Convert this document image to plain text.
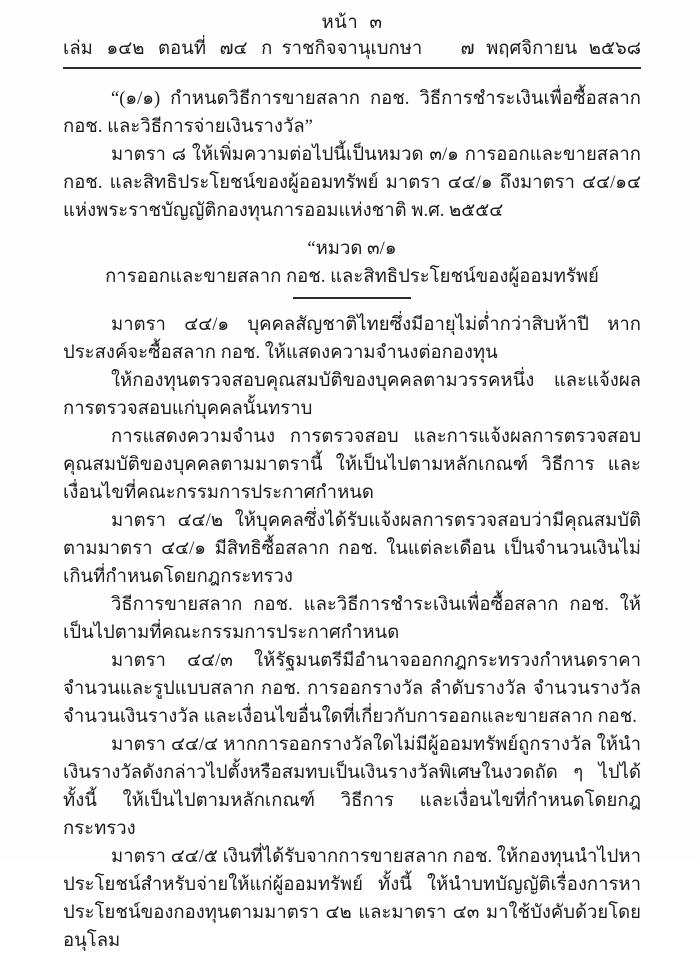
หน้า ๓
เล่ม ๑๔๒ ตอนที่ ๗๔ ก ราชกิจจานุเบกษา ๗ พฤศจิกายน ๒๕๖๘

“(๑/๑) กำหนดวิธีการขายสลาก กอช. วิธีการชำระเงินเพื่อซื้อสลาก กอช. และวิธีการจ่ายเงินรางวัล”

มาตรา ๘ ให้เพิ่มความต่อไปนี้เป็นหมวด ๓/๑ การออกและขายสลาก กอช. และสิทธิประโยชน์ของผู้ออมทรัพย์ มาตรา ๔๔/๑ ถึงมาตรา ๔๔/๑๔ แห่งพระราชบัญญัติกองทุนการออมแห่งชาติ พ.ศ. ๒๕๕๔

“หมวด ๓/๑
การออกและขายสลาก กอช. และสิทธิประโยชน์ของผู้ออมทรัพย์

มาตรา ๔๔/๑ บุคคลสัญชาติไทยซึ่งมีอายุไม่ต่ำกว่าสิบห้าปี หากประสงค์จะซื้อสลาก กอช. ให้แสดงความจำนงต่อกองทุน

ให้กองทุนตรวจสอบคุณสมบัติของบุคคลตามวรรคหนึ่ง และแจ้งผลการตรวจสอบแก่บุคคลนั้นทราบ

การแสดงความจำนง การตรวจสอบ และการแจ้งผลการตรวจสอบคุณสมบัติของบุคคลตามมาตรานี้ ให้เป็นไปตามหลักเกณฑ์ วิธีการ และเงื่อนไขที่คณะกรรมการประกาศกำหนด

มาตรา ๔๔/๒ ให้บุคคลซึ่งได้รับแจ้งผลการตรวจสอบว่ามีคุณสมบัติตามมาตรา ๔๔/๑ มีสิทธิซื้อสลาก กอช. ในแต่ละเดือน เป็นจำนวนเงินไม่เกินที่กำหนดโดยกฎกระทรวง

วิธีการขายสลาก กอช. และวิธีการชำระเงินเพื่อซื้อสลาก กอช. ให้เป็นไปตามที่คณะกรรมการประกาศกำหนด

มาตรา ๔๔/๓ ให้รัฐมนตรีมีอำนาจออกกฎกระทรวงกำหนดราคา จำนวนและรูปแบบสลาก กอช. การออกรางวัล ลำดับรางวัล จำนวนรางวัล จำนวนเงินรางวัล และเงื่อนไขอื่นใดที่เกี่ยวกับการออกและขายสลาก กอช.

มาตรา ๔๔/๔ หากการออกรางวัลใดไม่มีผู้ออมทรัพย์ถูกรางวัล ให้นำเงินรางวัลดังกล่าวไปตั้งหรือสมทบเป็นเงินรางวัลพิเศษในงวดถัด ๆ ไปได้ ทั้งนี้ ให้เป็นไปตามหลักเกณฑ์ วิธีการ และเงื่อนไขที่กำหนดโดยกฎกระทรวง

มาตรา ๔๔/๕ เงินที่ได้รับจากการขายสลาก กอช. ให้กองทุนนำไปหาประโยชน์สำหรับจ่ายให้แก่ผู้ออมทรัพย์ ทั้งนี้ ให้นำบทบัญญัติเรื่องการหาประโยชน์ของกองทุนตามมาตรา ๔๒ และมาตรา ๔๓ มาใช้บังคับด้วยโดยอนุโลม
